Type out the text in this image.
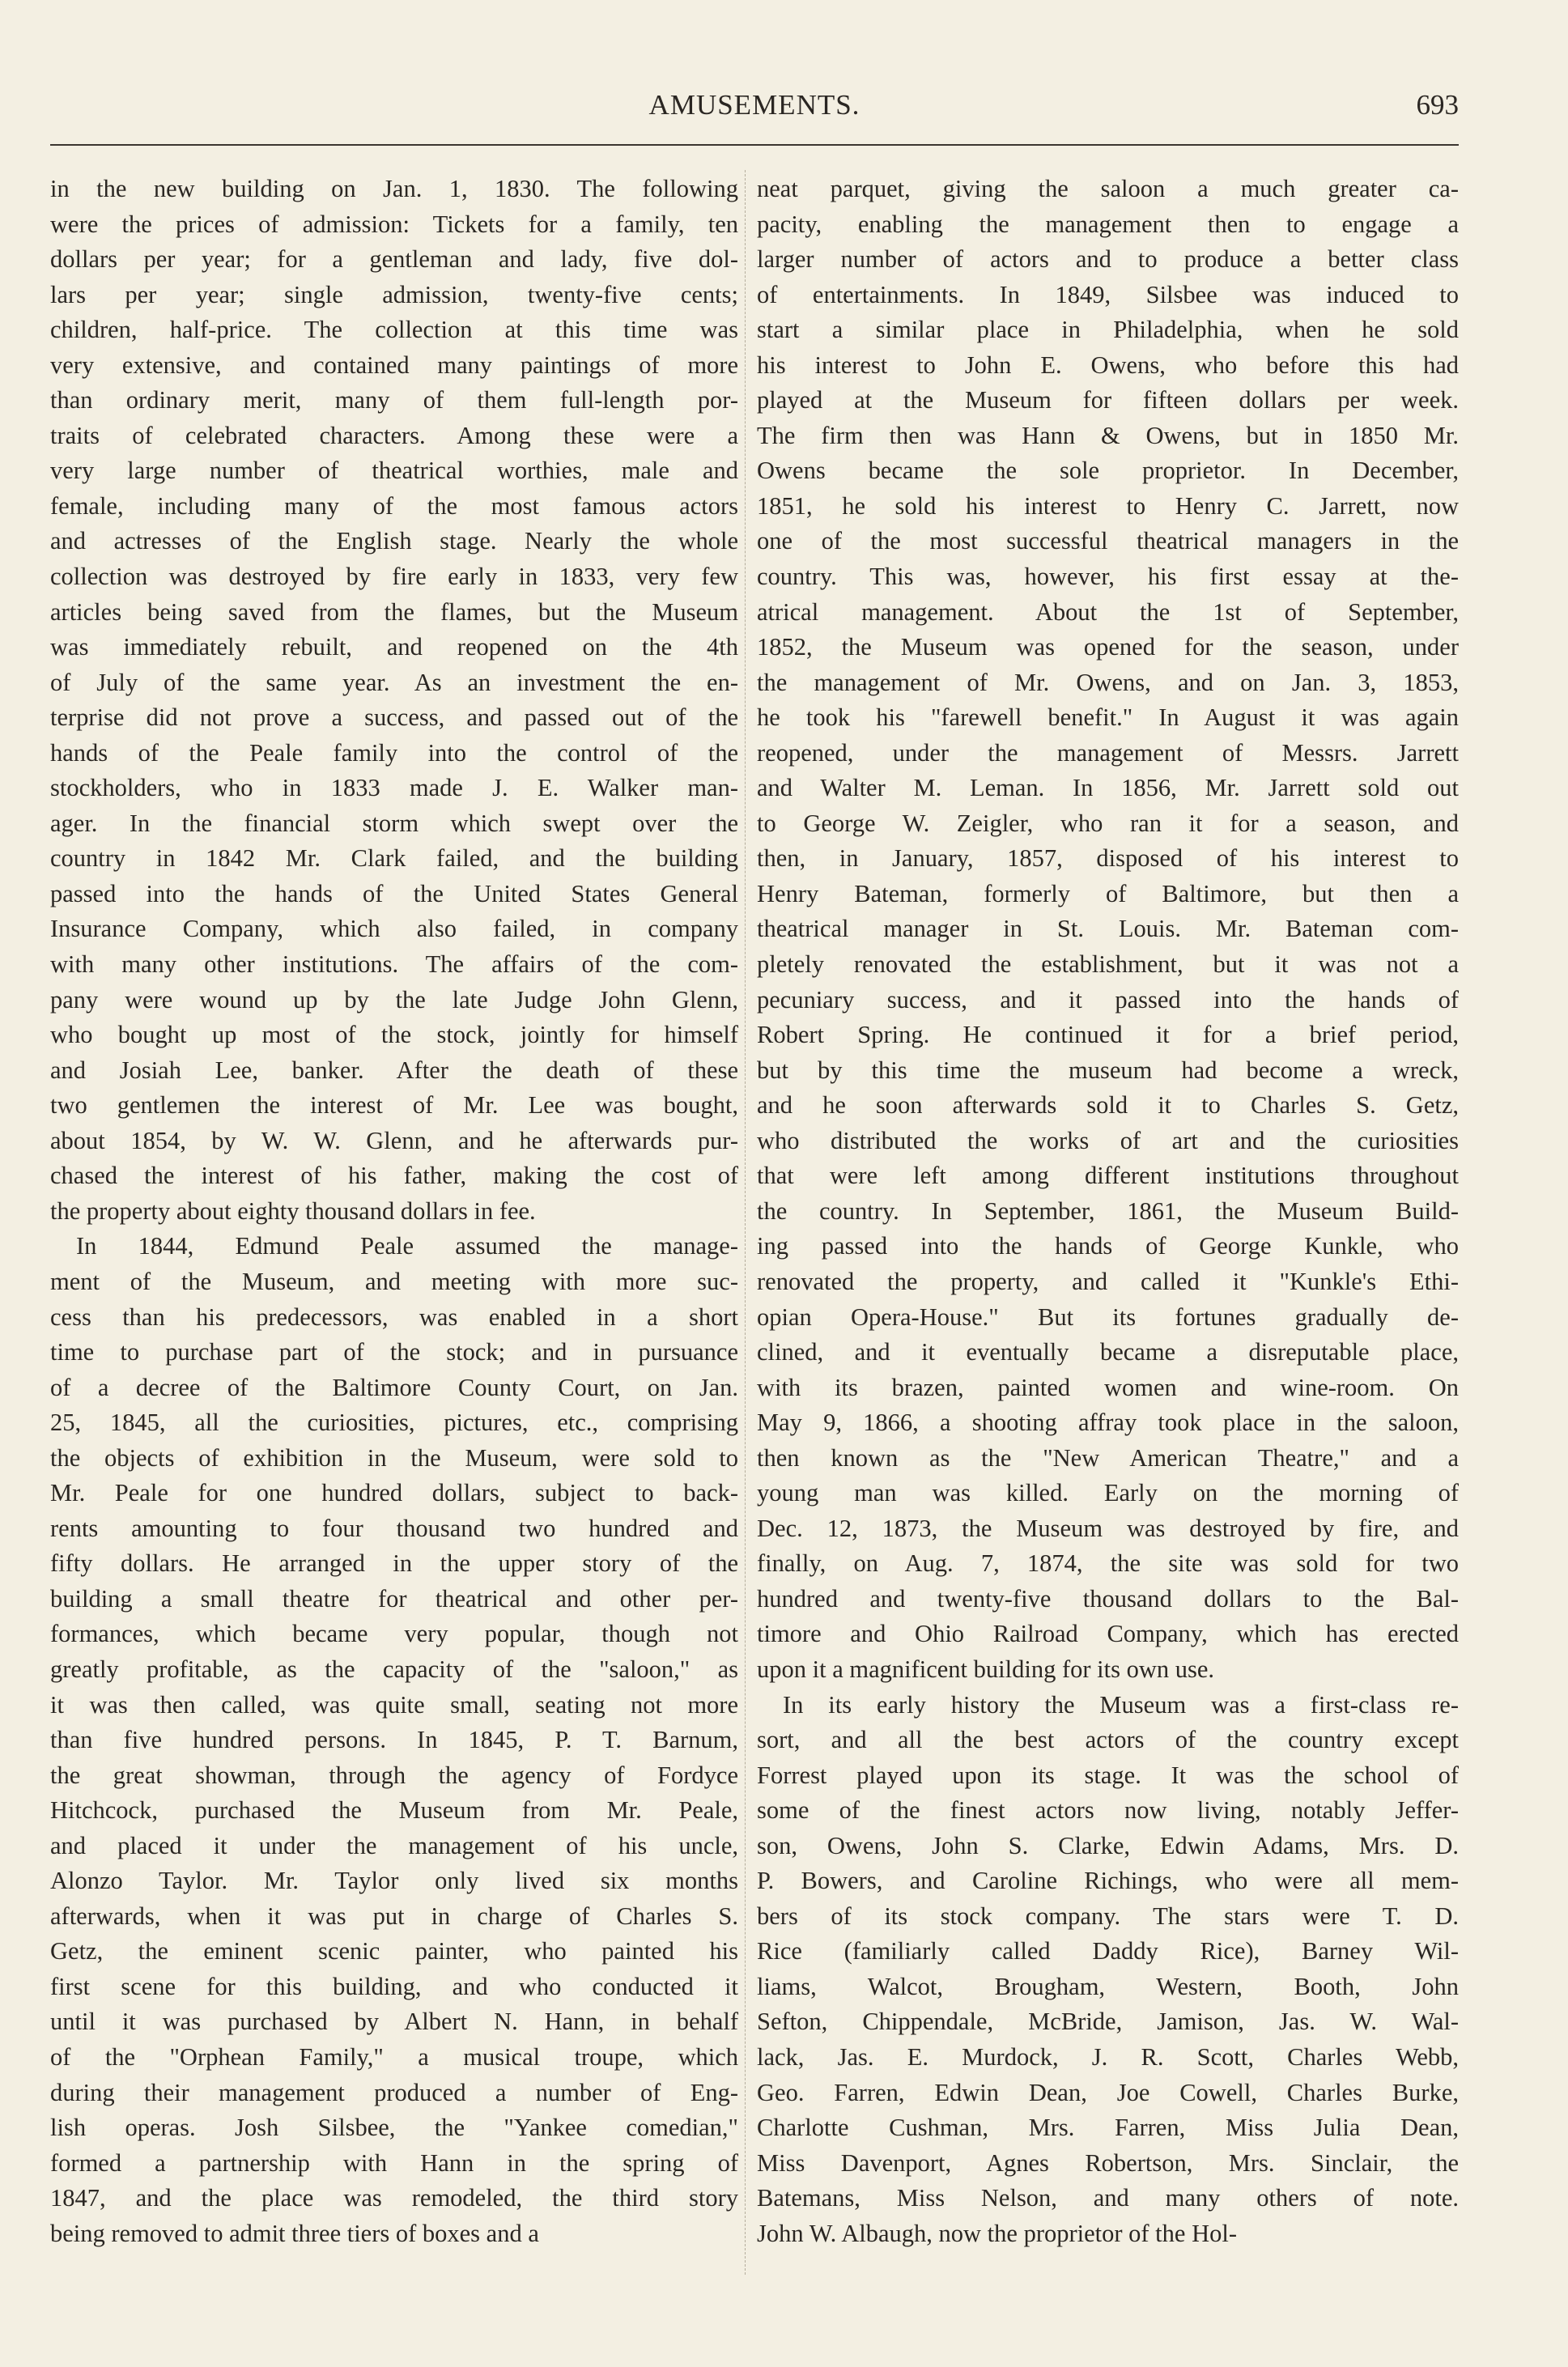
AMUSEMENTS.	693
in the new building on Jan. 1, 1830. The following
were the prices of admission: Tickets for a family, ten
dollars per year; for a gentleman and lady, five dol-
lars per year; single admission, twenty-five cents;
children, half-price. The collection at this time was
very extensive, and contained many paintings of more
than ordinary merit, many of them full-length por-
traits of celebrated characters. Among these were a
very large number of theatrical worthies, male and
female, including many of the most famous actors
and actresses of the English stage. Nearly the whole
collection was destroyed by fire early in 1833, very few
articles being saved from the flames, but the Museum
was immediately rebuilt, and reopened on the 4th
of July of the same year. As an investment the en-
terprise did not prove a success, and passed out of the
hands of the Peale family into the control of the
stockholders, who in 1833 made J. E. Walker man-
ager. In the financial storm which swept over the
country in 1842 Mr. Clark failed, and the building
passed into the hands of the United States General
Insurance Company, which also failed, in company
with many other institutions. The affairs of the com-
pany were wound up by the late Judge John Glenn,
who bought up most of the stock, jointly for himself
and Josiah Lee, banker. After the death of these
two gentlemen the interest of Mr. Lee was bought,
about 1854, by W. W. Glenn, and he afterwards pur-
chased the interest of his father, making the cost of
the property about eighty thousand dollars in fee.
In 1844, Edmund Peale assumed the manage-
ment of the Museum, and meeting with more suc-
cess than his predecessors, was enabled in a short
time to purchase part of the stock; and in pursuance
of a decree of the Baltimore County Court, on Jan.
25, 1845, all the curiosities, pictures, etc., comprising
the objects of exhibition in the Museum, were sold to
Mr. Peale for one hundred dollars, subject to back-
rents amounting to four thousand two hundred and
fifty dollars. He arranged in the upper story of the
building a small theatre for theatrical and other per-
formances, which became very popular, though not
greatly profitable, as the capacity of the "saloon," as
it was then called, was quite small, seating not more
than five hundred persons. In 1845, P. T. Barnum,
the great showman, through the agency of Fordyce
Hitchcock, purchased the Museum from Mr. Peale,
and placed it under the management of his uncle,
Alonzo Taylor. Mr. Taylor only lived six months
afterwards, when it was put in charge of Charles S.
Getz, the eminent scenic painter, who painted his
first scene for this building, and who conducted it
until it was purchased by Albert N. Hann, in behalf
of the "Orphean Family," a musical troupe, which
during their management produced a number of Eng-
lish operas. Josh Silsbee, the "Yankee comedian,"
formed a partnership with Hann in the spring of
1847, and the place was remodeled, the third story
being removed to admit three tiers of boxes and a
neat parquet, giving the saloon a much greater ca-
pacity, enabling the management then to engage a
larger number of actors and to produce a better class
of entertainments. In 1849, Silsbee was induced to
start a similar place in Philadelphia, when he sold
his interest to John E. Owens, who before this had
played at the Museum for fifteen dollars per week.
The firm then was Hann & Owens, but in 1850 Mr.
Owens became the sole proprietor. In December,
1851, he sold his interest to Henry C. Jarrett, now
one of the most successful theatrical managers in the
country. This was, however, his first essay at the-
atrical management. About the 1st of September,
1852, the Museum was opened for the season, under
the management of Mr. Owens, and on Jan. 3, 1853,
he took his "farewell benefit." In August it was again
reopened, under the management of Messrs. Jarrett
and Walter M. Leman. In 1856, Mr. Jarrett sold out
to George W. Zeigler, who ran it for a season, and
then, in January, 1857, disposed of his interest to
Henry Bateman, formerly of Baltimore, but then a
theatrical manager in St. Louis. Mr. Bateman com-
pletely renovated the establishment, but it was not a
pecuniary success, and it passed into the hands of
Robert Spring. He continued it for a brief period,
but by this time the museum had become a wreck,
and he soon afterwards sold it to Charles S. Getz,
who distributed the works of art and the curiosities
that were left among different institutions throughout
the country. In September, 1861, the Museum Build-
ing passed into the hands of George Kunkle, who
renovated the property, and called it "Kunkle's Ethi-
opian Opera-House." But its fortunes gradually de-
clined, and it eventually became a disreputable place,
with its brazen, painted women and wine-room. On
May 9, 1866, a shooting affray took place in the saloon,
then known as the "New American Theatre," and a
young man was killed. Early on the morning of
Dec. 12, 1873, the Museum was destroyed by fire, and
finally, on Aug. 7, 1874, the site was sold for two
hundred and twenty-five thousand dollars to the Bal-
timore and Ohio Railroad Company, which has erected
upon it a magnificent building for its own use.
In its early history the Museum was a first-class re-
sort, and all the best actors of the country except
Forrest played upon its stage. It was the school of
some of the finest actors now living, notably Jeffer-
son, Owens, John S. Clarke, Edwin Adams, Mrs. D.
P. Bowers, and Caroline Richings, who were all mem-
bers of its stock company. The stars were T. D.
Rice (familiarly called Daddy Rice), Barney Wil-
liams, Walcot, Brougham, Western, Booth, John
Sefton, Chippendale, McBride, Jamison, Jas. W. Wal-
lack, Jas. E. Murdock, J. R. Scott, Charles Webb,
Geo. Farren, Edwin Dean, Joe Cowell, Charles Burke,
Charlotte Cushman, Mrs. Farren, Miss Julia Dean,
Miss Davenport, Agnes Robertson, Mrs. Sinclair, the
Batemans, Miss Nelson, and many others of note.
John W. Albaugh, now the proprietor of the Hol-
